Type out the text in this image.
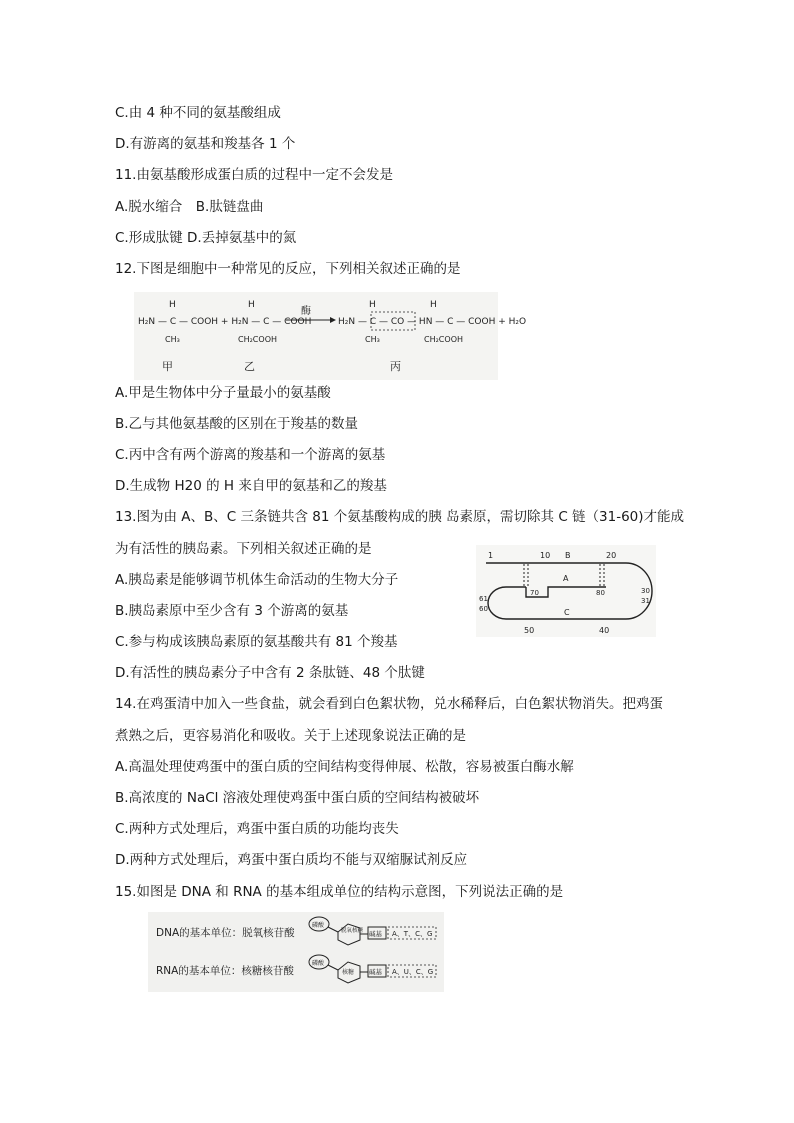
C.由 4 种不同的氨基酸组成
D.有游离的氨基和羧基各 1 个
11.由氨基酸形成蛋白质的过程中一定不会发是
A.脱水缩合　B.肽链盘曲
C.形成肽键 D.丢掉氨基中的氮
12.下图是细胞中一种常见的反应，下列相关叙述正确的是
H	H	H	H
H₂N — C — COOH + H₂N — C — COOH
CH₃	CH₂COOH
酶
H₂N — C — CO — HN — C — COOH + H₂O
CH₃	CH₂COOH
甲	乙	丙
A.甲是生物体中分子量最小的氨基酸
B.乙与其他氨基酸的区别在于羧基的数量
C.丙中含有两个游离的羧基和一个游离的氨基
D.生成物 H20 的 H 来自甲的氨基和乙的羧基
13.图为由 A、B、C 三条链共含 81 个氨基酸构成的胰 岛素原，需切除其 C 链（31-60)才能成
为有活性的胰岛素。下列相关叙述正确的是
A.胰岛素是能够调节机体生命活动的生物大分子
B.胰岛素原中至少含有 3 个游离的氨基
C.参与构成该胰岛素原的氨基酸共有 81 个羧基
D.有活性的胰岛素分子中含有 2 条肽链、48 个肽键
1	10 B	20
A
70	80	30
31
61
60	C
50	40
14.在鸡蛋清中加入一些食盐，就会看到白色絮状物，兑水稀释后，白色絮状物消失。把鸡蛋
煮熟之后，更容易消化和吸收。关于上述现象说法正确的是
A.高温处理使鸡蛋中的蛋白质的空间结构变得伸展、松散，容易被蛋白酶水解
B.高浓度的 NaCl 溶液处理使鸡蛋中蛋白质的空间结构被破坏
C.两种方式处理后，鸡蛋中蛋白质的功能均丧失
D.两种方式处理后，鸡蛋中蛋白质均不能与双缩脲试剂反应
15.如图是 DNA 和 RNA 的基本组成单位的结构示意图，下列说法正确的是
DNA的基本单位：脱氧核苷酸
磷酸
脱氧核糖 碱基 A、T、C、G
RNA的基本单位：核糖核苷酸
磷酸
核糖 碱基 A、U、C、G
